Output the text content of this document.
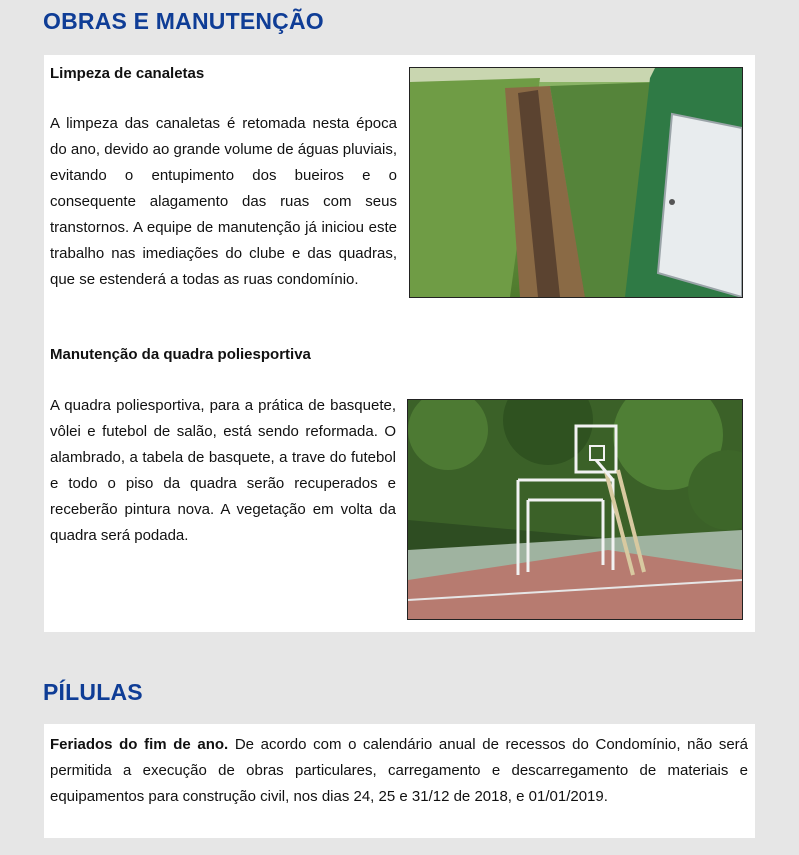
OBRAS E MANUTENÇÃO
Limpeza de canaletas

A limpeza das canaletas é retomada nesta época do ano, devido ao grande volume de águas pluviais, evitando o entupimento dos bueiros e o consequente alagamento das ruas com seus transtornos. A equipe de manutenção já iniciou este trabalho nas imediações do clube e das quadras, que se estenderá a todas as ruas condomínio.

Manutenção da quadra poliesportiva

A quadra poliesportiva, para a prática de basquete, vôlei e futebol de salão, está sendo reformada. O alambrado, a tabela de basquete, a trave do futebol e todo o piso da quadra serão recuperados e receberão pintura nova. A vegetação em volta da quadra será podada.

PÍLULAS

Feriados do fim de ano. De acordo com o calendário anual de recessos do Condomínio, não será permitida a execução de obras particulares, carregamento e descarregamento de materiais e equipamentos para construção civil, nos dias 24, 25 e 31/12 de 2018, e 01/01/2019.
